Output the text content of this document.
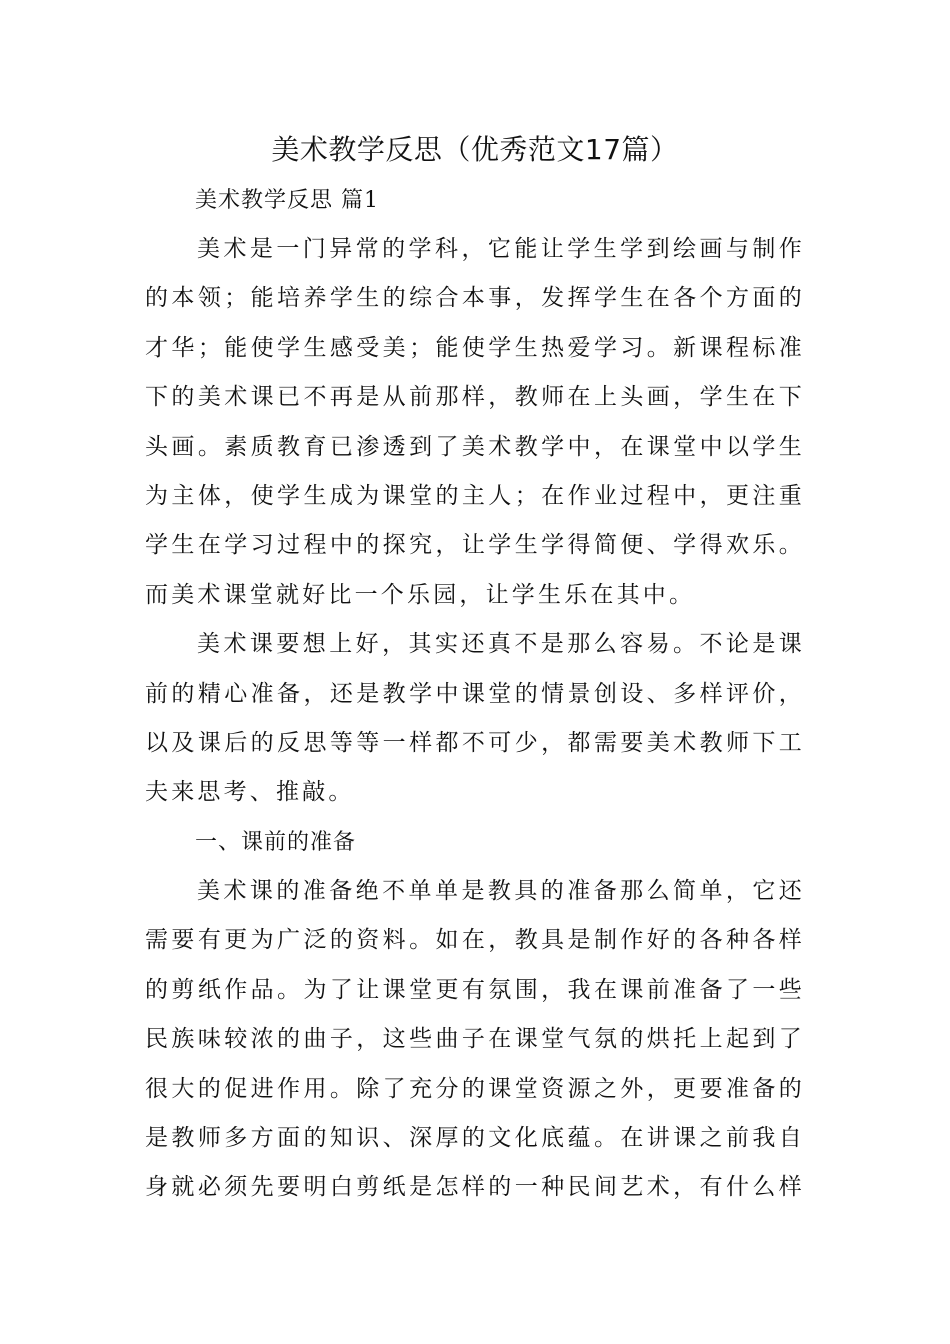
美术教学反思（优秀范文17篇）

美术教学反思 篇1

美术是一门异常的学科，它能让学生学到绘画与制作
的本领；能培养学生的综合本事，发挥学生在各个方面的
才华；能使学生感受美；能使学生热爱学习。新课程标准
下的美术课已不再是从前那样，教师在上头画，学生在下
头画。素质教育已渗透到了美术教学中，在课堂中以学生
为主体，使学生成为课堂的主人；在作业过程中，更注重
学生在学习过程中的探究，让学生学得简便、学得欢乐。
而美术课堂就好比一个乐园，让学生乐在其中。
美术课要想上好，其实还真不是那么容易。不论是课
前的精心准备，还是教学中课堂的情景创设、多样评价，
以及课后的反思等等一样都不可少，都需要美术教师下工
夫来思考、推敲。

一、课前的准备

美术课的准备绝不单单是教具的准备那么简单，它还
需要有更为广泛的资料。如在，教具是制作好的各种各样
的剪纸作品。为了让课堂更有氛围，我在课前准备了一些
民族味较浓的曲子，这些曲子在课堂气氛的烘托上起到了
很大的促进作用。除了充分的课堂资源之外，更要准备的
是教师多方面的知识、深厚的文化底蕴。在讲课之前我自
身就必须先要明白剪纸是怎样的一种民间艺术，有什么样
